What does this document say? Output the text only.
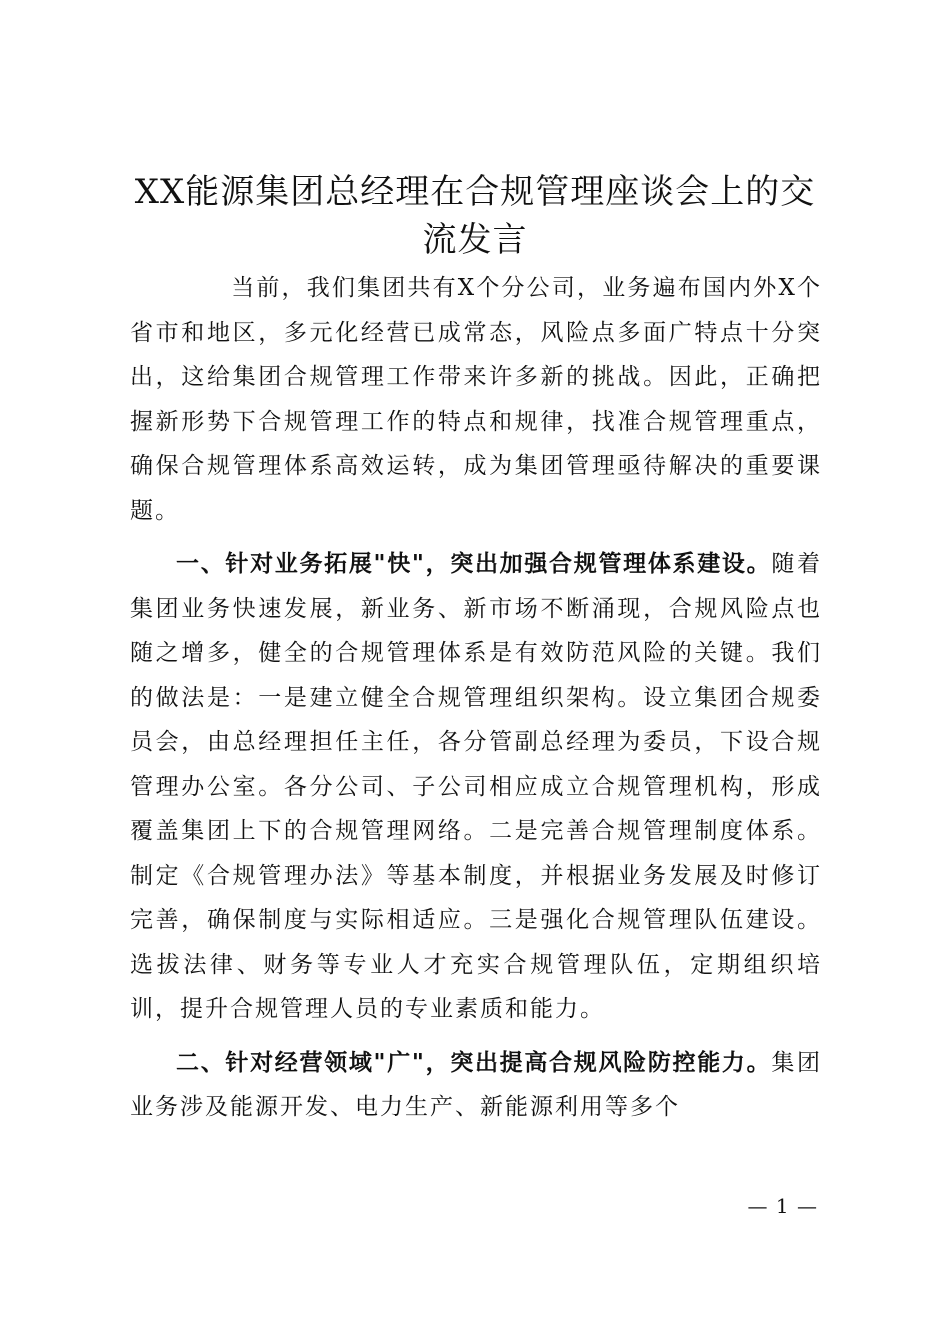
XX能源集团总经理在合规管理座谈会上的交流发言

当前，我们集团共有X个分公司，业务遍布国内外X个省市和地区，多元化经营已成常态，风险点多面广特点十分突出，这给集团合规管理工作带来许多新的挑战。因此，正确把握新形势下合规管理工作的特点和规律，找准合规管理重点，确保合规管理体系高效运转，成为集团管理亟待解决的重要课题。

一、针对业务拓展"快"，突出加强合规管理体系建设。随着集团业务快速发展，新业务、新市场不断涌现，合规风险点也随之增多，健全的合规管理体系是有效防范风险的关键。我们的做法是：一是建立健全合规管理组织架构。设立集团合规委员会，由总经理担任主任，各分管副总经理为委员，下设合规管理办公室。各分公司、子公司相应成立合规管理机构，形成覆盖集团上下的合规管理网络。二是完善合规管理制度体系。制定《合规管理办法》等基本制度，并根据业务发展及时修订完善，确保制度与实际相适应。三是强化合规管理队伍建设。选拔法律、财务等专业人才充实合规管理队伍，定期组织培训，提升合规管理人员的专业素质和能力。

二、针对经营领域"广"，突出提高合规风险防控能力。集团业务涉及能源开发、电力生产、新能源利用等多个

— 1 —
